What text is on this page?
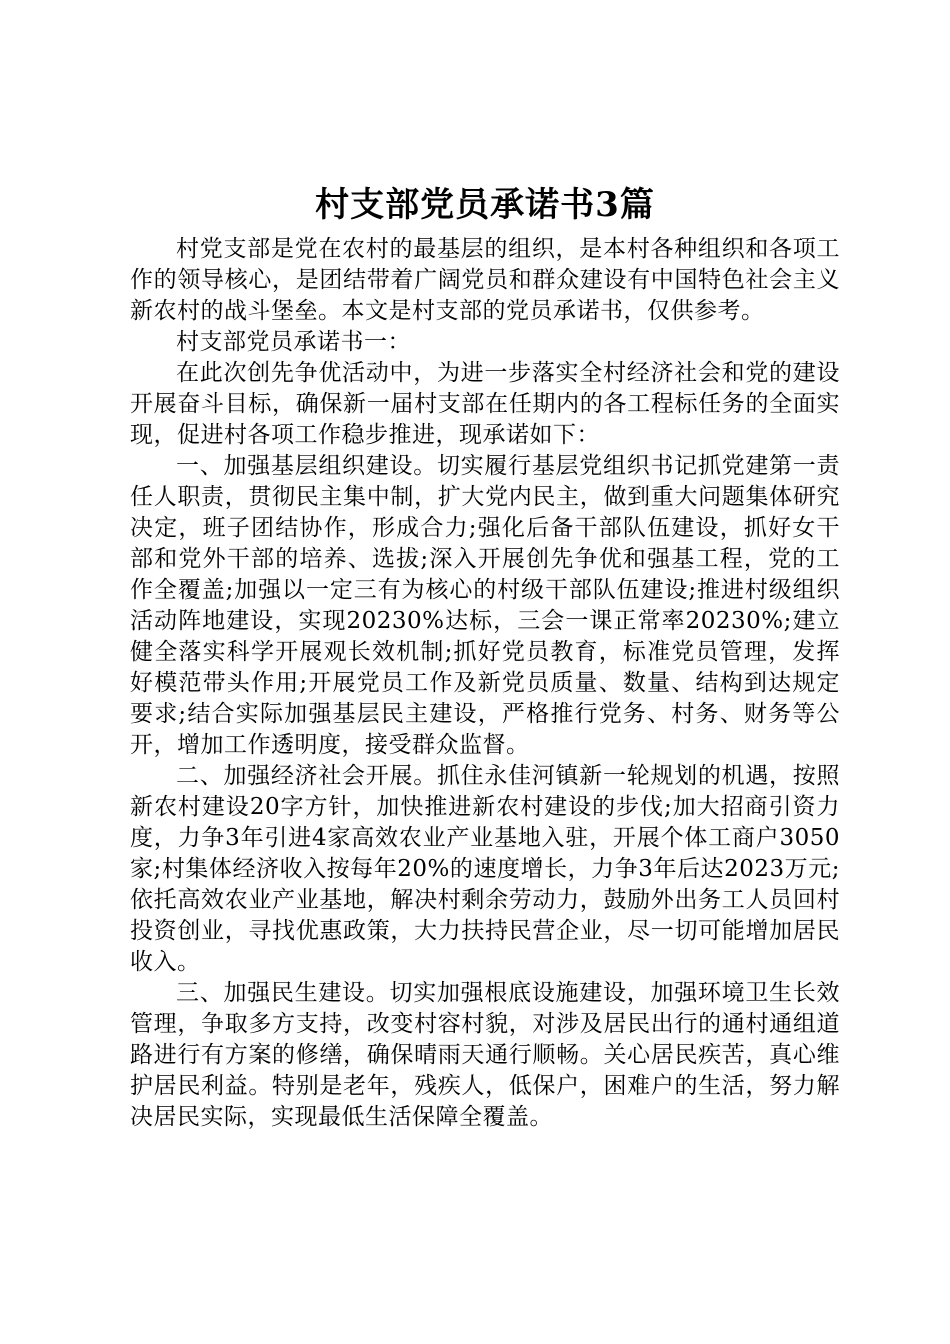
村支部党员承诺书3篇

村党支部是党在农村的最基层的组织，是本村各种组织和各项工作的领导核心，是团结带着广阔党员和群众建设有中国特色社会主义新农村的战斗堡垒。本文是村支部的党员承诺书，仅供参考。

村支部党员承诺书一：

在此次创先争优活动中，为进一步落实全村经济社会和党的建设开展奋斗目标，确保新一届村支部在任期内的各工程标任务的全面实现，促进村各项工作稳步推进，现承诺如下：

一、加强基层组织建设。切实履行基层党组织书记抓党建第一责任人职责，贯彻民主集中制，扩大党内民主，做到重大问题集体研究决定，班子团结协作，形成合力;强化后备干部队伍建设，抓好女干部和党外干部的培养、选拔;深入开展创先争优和强基工程，党的工作全覆盖;加强以一定三有为核心的村级干部队伍建设;推进村级组织活动阵地建设，实现20230%达标，三会一课正常率20230%;建立健全落实科学开展观长效机制;抓好党员教育，标准党员管理，发挥好模范带头作用;开展党员工作及新党员质量、数量、结构到达规定要求;结合实际加强基层民主建设，严格推行党务、村务、财务等公开，增加工作透明度，接受群众监督。

二、加强经济社会开展。抓住永佳河镇新一轮规划的机遇，按照新农村建设20字方针，加快推进新农村建设的步伐;加大招商引资力度，力争3年引进4家高效农业产业基地入驻，开展个体工商户3050家;村集体经济收入按每年20%的速度增长，力争3年后达2023万元;依托高效农业产业基地，解决村剩余劳动力，鼓励外出务工人员回村投资创业，寻找优惠政策，大力扶持民营企业，尽一切可能增加居民收入。

三、加强民生建设。切实加强根底设施建设，加强环境卫生长效管理，争取多方支持，改变村容村貌，对涉及居民出行的通村通组道路进行有方案的修缮，确保晴雨天通行顺畅。关心居民疾苦，真心维护居民利益。特别是老年，残疾人，低保户，困难户的生活，努力解决居民实际，实现最低生活保障全覆盖。
